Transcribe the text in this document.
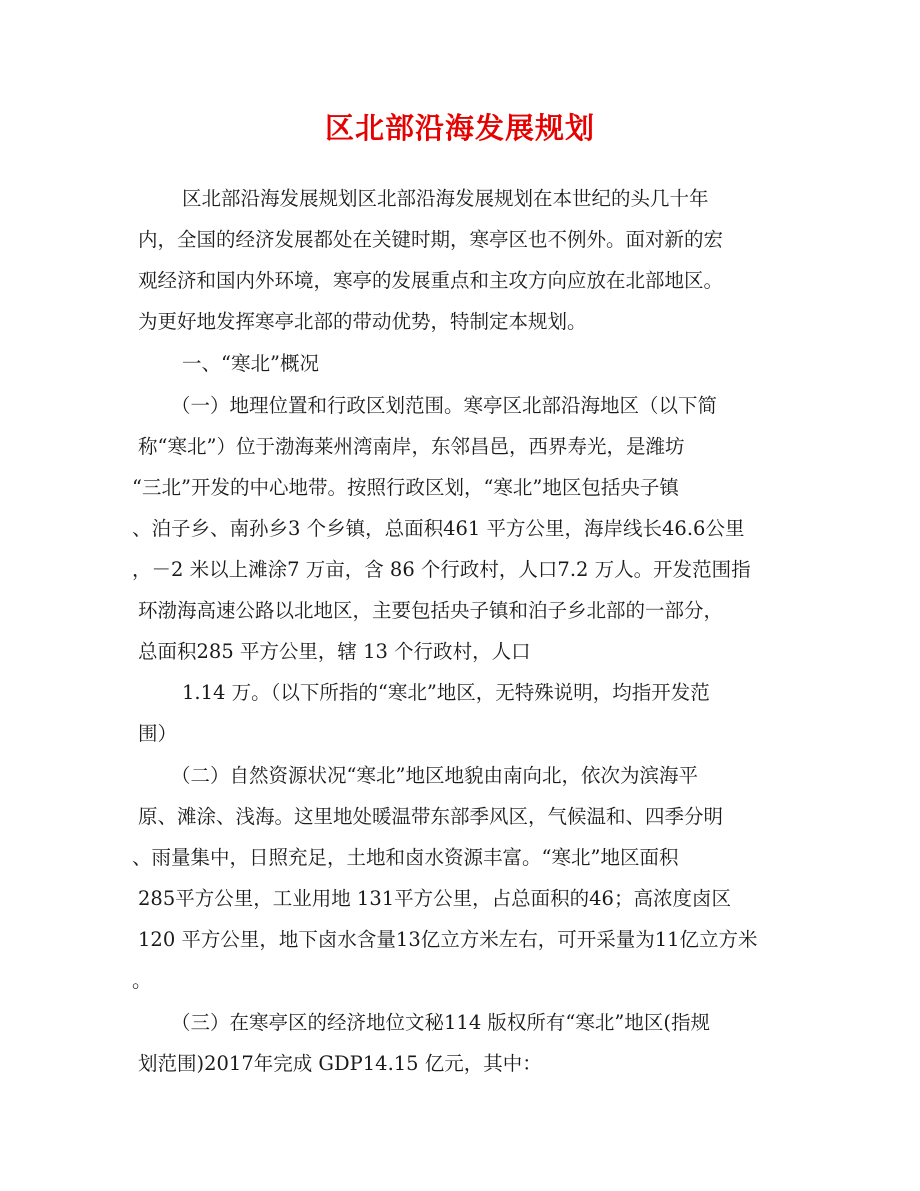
区北部沿海发展规划

区北部沿海发展规划区北部沿海发展规划在本世纪的头几十年

内，全国的经济发展都处在关键时期，寒亭区也不例外。面对新的宏

观经济和国内外环境，寒亭的发展重点和主攻方向应放在北部地区。

为更好地发挥寒亭北部的带动优势，特制定本规划。

一、“寒北”概况

（一）地理位置和行政区划范围。寒亭区北部沿海地区（以下简

称“寒北”）位于渤海莱州湾南岸，东邻昌邑，西界寿光，是潍坊

“三北”开发的中心地带。按照行政区划，“寒北”地区包括央子镇

、泊子乡、南孙乡3 个乡镇，总面积461 平方公里，海岸线长46.6公里

，－2 米以上滩涂7 万亩，含 86 个行政村，人口7.2 万人。开发范围指

环渤海高速公路以北地区，主要包括央子镇和泊子乡北部的一部分，

总面积285 平方公里，辖 13 个行政村，人口

1.14 万。（以下所指的“寒北”地区，无特殊说明，均指开发范

围）

（二）自然资源状况“寒北”地区地貌由南向北，依次为滨海平

原、滩涂、浅海。这里地处暖温带东部季风区，气候温和、四季分明

、雨量集中，日照充足，土地和卤水资源丰富。“寒北”地区面积

285平方公里，工业用地 131平方公里，占总面积的46；高浓度卤区

120 平方公里，地下卤水含量13亿立方米左右，可开采量为11亿立方米

。

（三）在寒亭区的经济地位文秘114 版权所有“寒北”地区(指规

划范围)2017年完成 GDP14.15 亿元，其中：
